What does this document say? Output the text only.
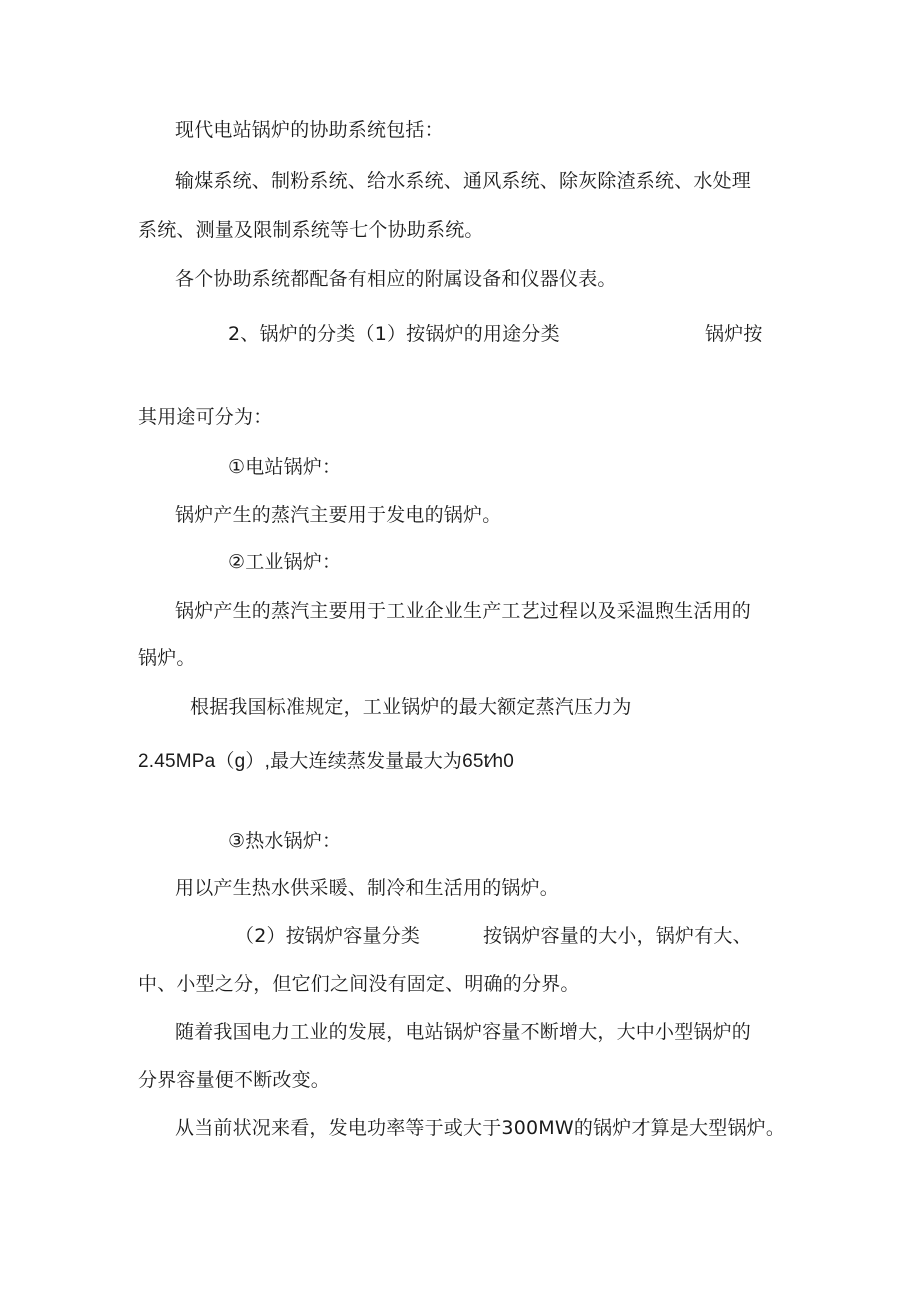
现代电站锅炉的协助系统包括：
输煤系统、制粉系统、给水系统、通风系统、除灰除渣系统、水处理
系统、测量及限制系统等七个协助系统。
各个协助系统都配备有相应的附属设备和仪器仪表。
2、锅炉的分类（1）按锅炉的用途分类	锅炉按
其用途可分为：
①电站锅炉：
锅炉产生的蒸汽主要用于发电的锅炉。
②工业锅炉：
锅炉产生的蒸汽主要用于工业企业生产工艺过程以及采温煦生活用的
锅炉。
根据我国标准规定，工业锅炉的最大额定蒸汽压力为
2.45MPa（g）,最大连续蒸发量最大为65t∕h0
③热水锅炉：
用以产生热水供采暖、制冷和生活用的锅炉。
（2）按锅炉容量分类	按锅炉容量的大小，锅炉有大、
中、小型之分，但它们之间没有固定、明确的分界。
随着我国电力工业的发展，电站锅炉容量不断增大，大中小型锅炉的
分界容量便不断改变。
从当前状况来看，发电功率等于或大于300MW的锅炉才算是大型锅炉。
